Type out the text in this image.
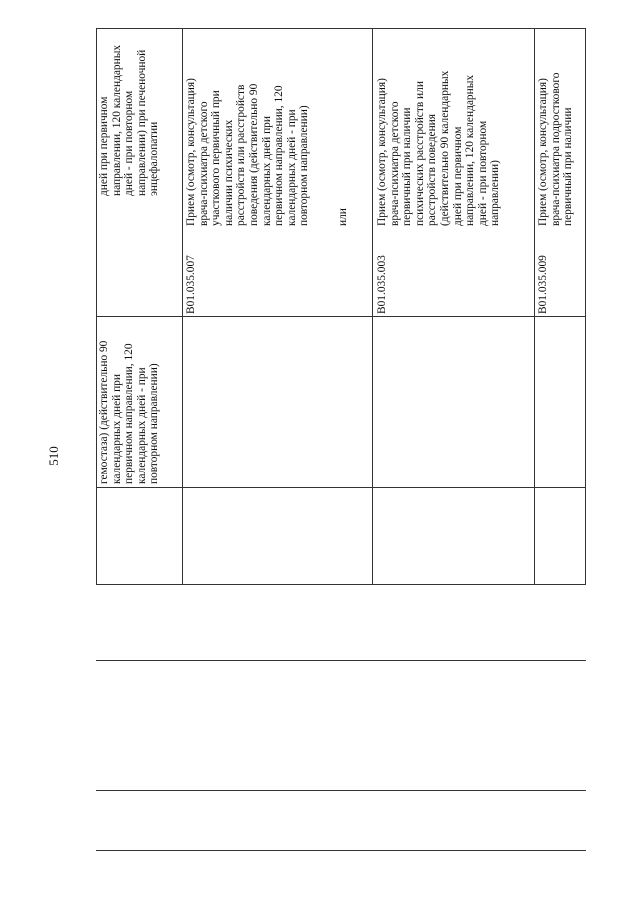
510	гемостаза) (действительно 90 календарных дней при первичном направлении, 120 календарных дней - при повторном направлении)
дней при первичном направлении, 120 календарных дней - при повторном направлении) при печеночной энцефалопатии
B01.035.007
Прием (осмотр, консультация) врача-психиатра детского участкового первичный при наличии психических расстройств или расстройств поведения (действительно 90 календарных дней при первичном направлении, 120 календарных дней - при повторном направлении) или
B01.035.003
Прием (осмотр, консультация) врача-психиатра детского первичный при наличии психических расстройств или расстройств поведения (действительно 90 календарных дней при первичном направлении, 120 календарных дней - при повторном направлении)
B01.035.009
Прием (осмотр, консультация) врача-психиатра подросткового первичный при наличии
